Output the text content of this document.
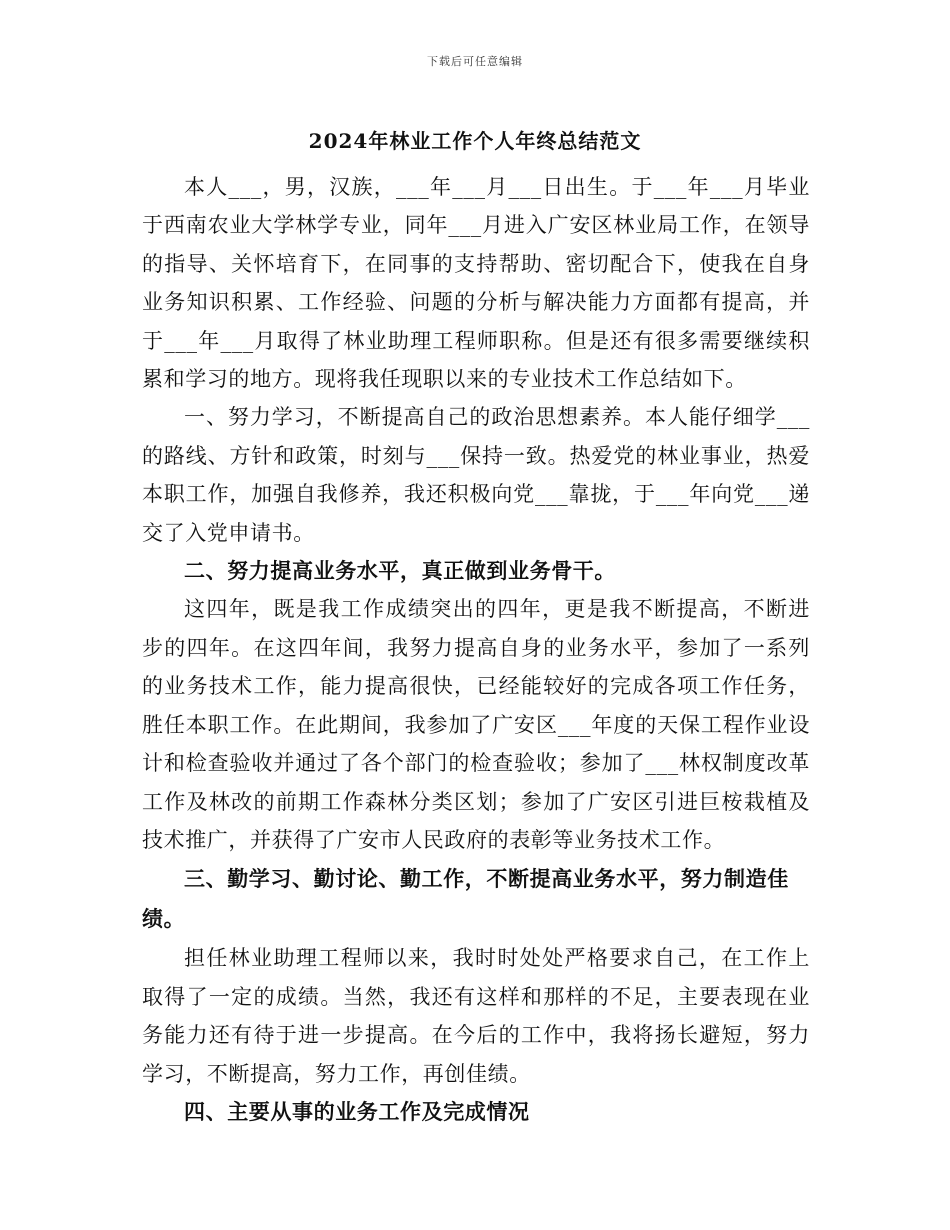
下载后可任意编辑
2024年林业工作个人年终总结范文

本人___，男，汉族，___年___月___日出生。于___年___月毕业于西南农业大学林学专业，同年___月进入广安区林业局工作，在领导的指导、关怀培育下，在同事的支持帮助、密切配合下，使我在自身业务知识积累、工作经验、问题的分析与解决能力方面都有提高，并于___年___月取得了林业助理工程师职称。但是还有很多需要继续积累和学习的地方。现将我任现职以来的专业技术工作总结如下。

一、努力学习，不断提高自己的政治思想素养。本人能仔细学___的路线、方针和政策，时刻与___保持一致。热爱党的林业事业，热爱本职工作，加强自我修养，我还积极向党___靠拢，于___年向党___递交了入党申请书。

二、努力提高业务水平，真正做到业务骨干。

这四年，既是我工作成绩突出的四年，更是我不断提高，不断进步的四年。在这四年间，我努力提高自身的业务水平，参加了一系列的业务技术工作，能力提高很快，已经能较好的完成各项工作任务，胜任本职工作。在此期间，我参加了广安区___年度的天保工程作业设计和检查验收并通过了各个部门的检查验收；参加了___林权制度改革工作及林改的前期工作森林分类区划；参加了广安区引进巨桉栽植及技术推广，并获得了广安市人民政府的表彰等业务技术工作。

三、勤学习、勤讨论、勤工作，不断提高业务水平，努力制造佳绩。

担任林业助理工程师以来，我时时处处严格要求自己，在工作上取得了一定的成绩。当然，我还有这样和那样的不足，主要表现在业务能力还有待于进一步提高。在今后的工作中，我将扬长避短，努力学习，不断提高，努力工作，再创佳绩。

四、主要从事的业务工作及完成情况
